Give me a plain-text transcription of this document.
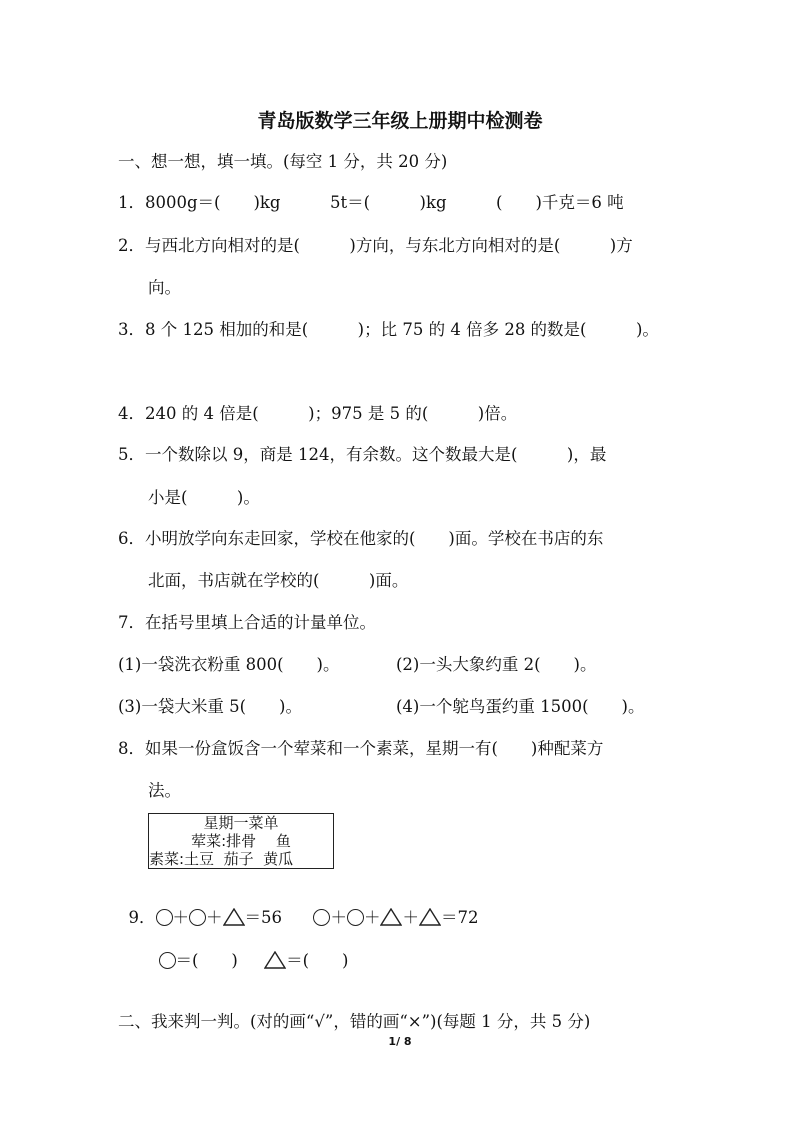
青岛版数学三年级上册期中检测卷
一、想一想，填一填。(每空 1 分，共 20 分)
1．8000g＝(　　)kg　　　5t＝(　　　)kg　　　(　　)千克＝6 吨
2．与西北方向相对的是(　　　)方向，与东北方向相对的是(　　　)方
向。
3．8 个 125 相加的和是(　　　)；比 75 的 4 倍多 28 的数是(　　　)。
4．240 的 4 倍是(　　　)；975 是 5 的(　　　)倍。
5．一个数除以 9，商是 124，有余数。这个数最大是(　　　)，最
小是(　　　)。
6．小明放学向东走回家，学校在他家的(　　)面。学校在书店的东
北面，书店就在学校的(　　　)面。
7．在括号里填上合适的计量单位。
(1)一袋洗衣粉重 800(　　)。	(2)一头大象约重 2(　　)。
(3)一袋大米重 5(　　)。	(4)一个鸵鸟蛋约重 1500(　　)。
8．如果一份盒饭含一个荤菜和一个素菜，星期一有(　　)种配菜方
法。
星期一菜单
荤菜:排骨　 鱼
素菜:土豆  茄子  黄瓜

9． ＋ ＋ ＝56	＋ ＋ ＋ ＝72

＝(　　)	＝(　　)

二、我来判一判。(对的画“√”，错的画“×”)(每题 1 分，共 5 分)
1/ 8
